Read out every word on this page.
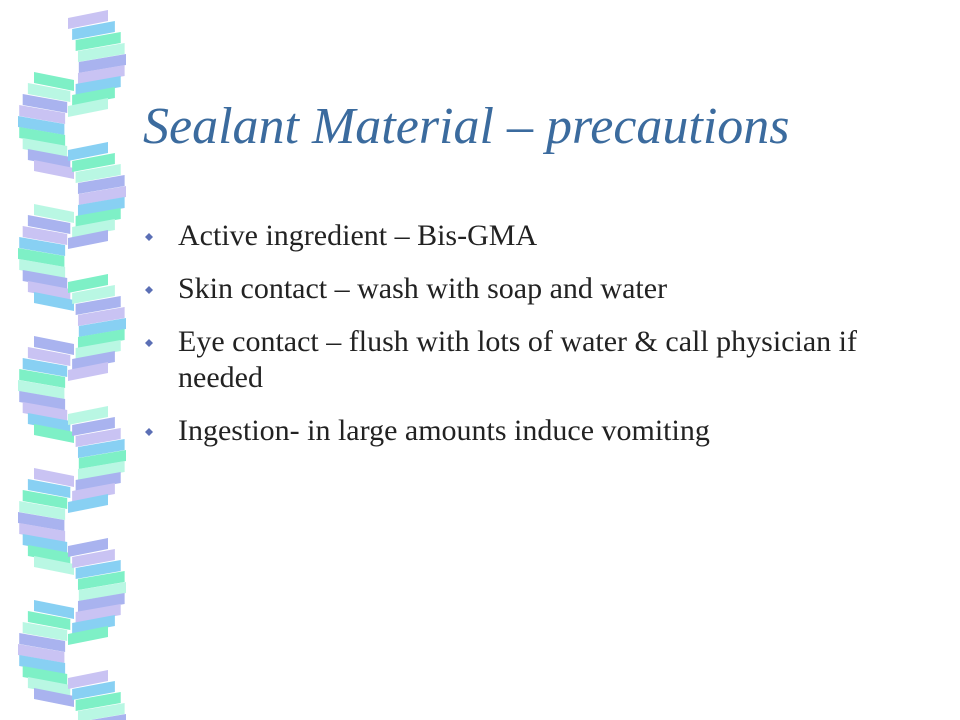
Sealant Material – precautions
Active ingredient – Bis-GMA
Skin contact – wash with soap and water
Eye contact – flush with lots of water & call physician if needed
Ingestion- in large amounts induce vomiting
